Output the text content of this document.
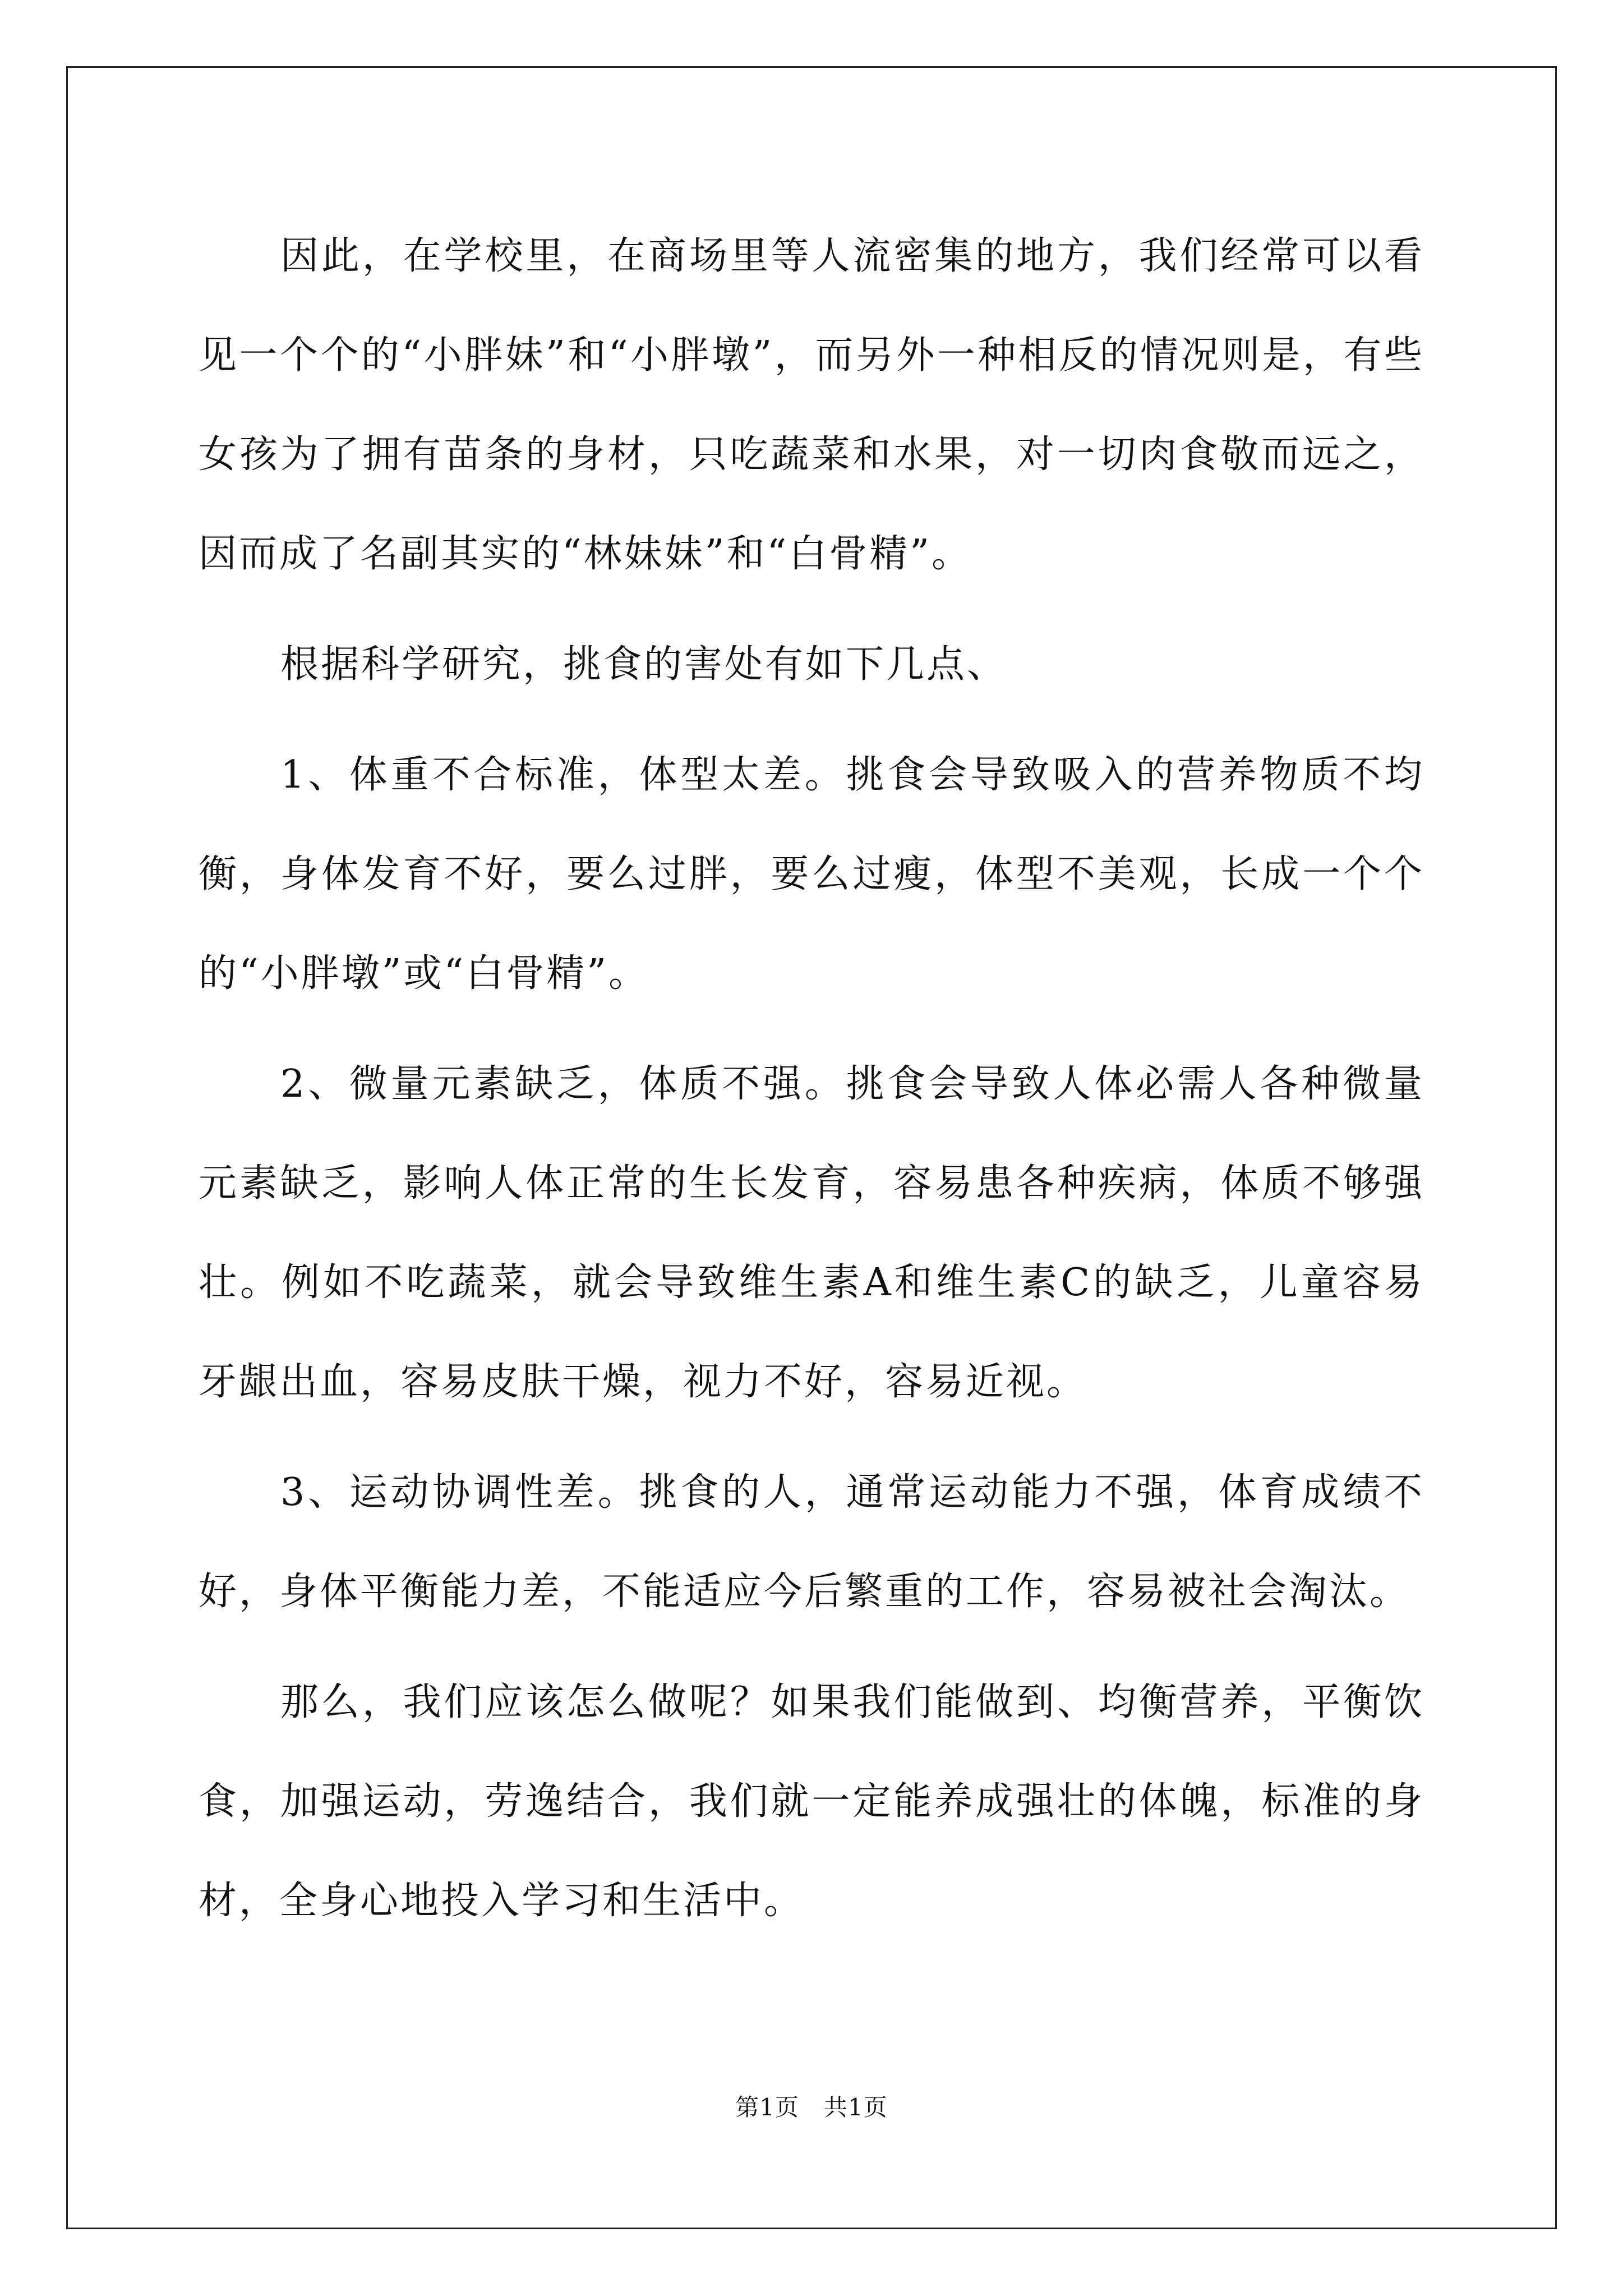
因此，在学校里，在商场里等人流密集的地方，我们经常可以看见一个个的“小胖妹”和“小胖墩”，而另外一种相反的情况则是，有些女孩为了拥有苗条的身材，只吃蔬菜和水果，对一切肉食敬而远之，因而成了名副其实的“林妹妹”和“白骨精”。

根据科学研究，挑食的害处有如下几点、

1、体重不合标准，体型太差。挑食会导致吸入的营养物质不均衡，身体发育不好，要么过胖，要么过瘦，体型不美观，长成一个个的“小胖墩”或“白骨精”。

2、微量元素缺乏，体质不强。挑食会导致人体必需人各种微量元素缺乏，影响人体正常的生长发育，容易患各种疾病，体质不够强壮。例如不吃蔬菜，就会导致维生素A和维生素C的缺乏，儿童容易牙龈出血，容易皮肤干燥，视力不好，容易近视。

3、运动协调性差。挑食的人，通常运动能力不强，体育成绩不好，身体平衡能力差，不能适应今后繁重的工作，容易被社会淘汰。

那么，我们应该怎么做呢？如果我们能做到、均衡营养，平衡饮食，加强运动，劳逸结合，我们就一定能养成强壮的体魄，标准的身材，全身心地投入学习和生活中。

第1页 共1页
